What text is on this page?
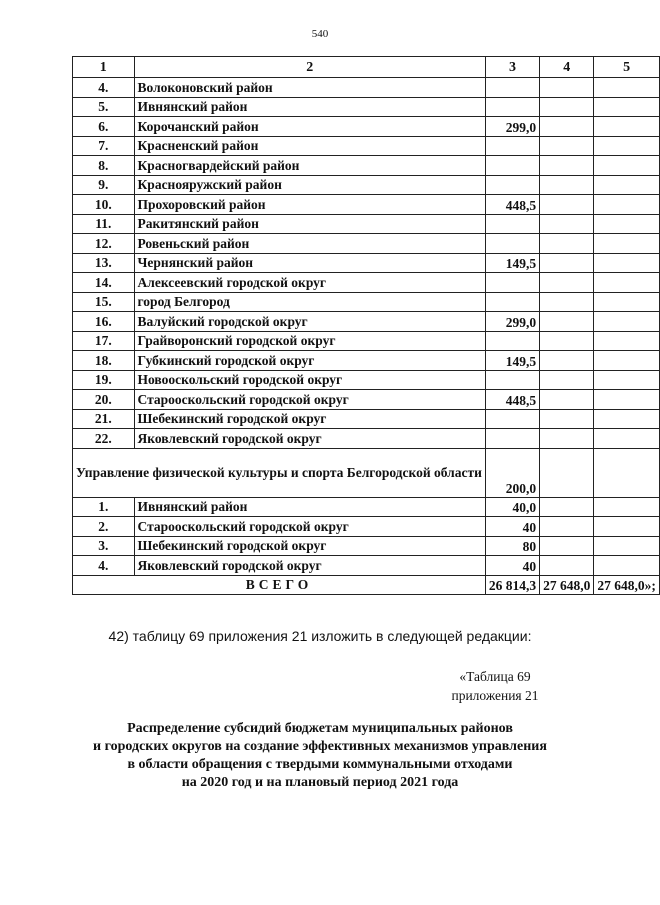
540
1	2	3	4	5
4.	Волоконовский район			
5.	Ивнянский район			
6.	Корочанский район	299,0		
7.	Красненский район			
8.	Красногвардейский район			
9.	Краснояружский район			
10.	Прохоровский район	448,5		
11.	Ракитянский район			
12.	Ровеньский район			
13.	Чернянский район	149,5		
14.	Алексеевский городской округ			
15.	город Белгород			
16.	Валуйский городской округ	299,0		
17.	Грайворонский городской округ			
18.	Губкинский городской округ	149,5		
19.	Новооскольский городской округ			
20.	Старооскольский городской округ	448,5		
21.	Шебекинский городской округ			
22.	Яковлевский городской округ			
Управление физической культуры и спорта Белгородской области		200,0		
1.	Ивнянский район	40,0		
2.	Старооскольский городской округ	40		
3.	Шебекинский городской округ	80		
4.	Яковлевский городской округ	40		
ВСЕГО		26 814,3	27 648,0	27 648,0»;
42) таблицу 69 приложения 21 изложить в следующей редакции:
«Таблица 69
приложения 21
Распределение субсидий бюджетам муниципальных районов
и городских округов на создание эффективных механизмов управления
в области обращения с твердыми коммунальными отходами
на 2020 год и на плановый период 2021 года
